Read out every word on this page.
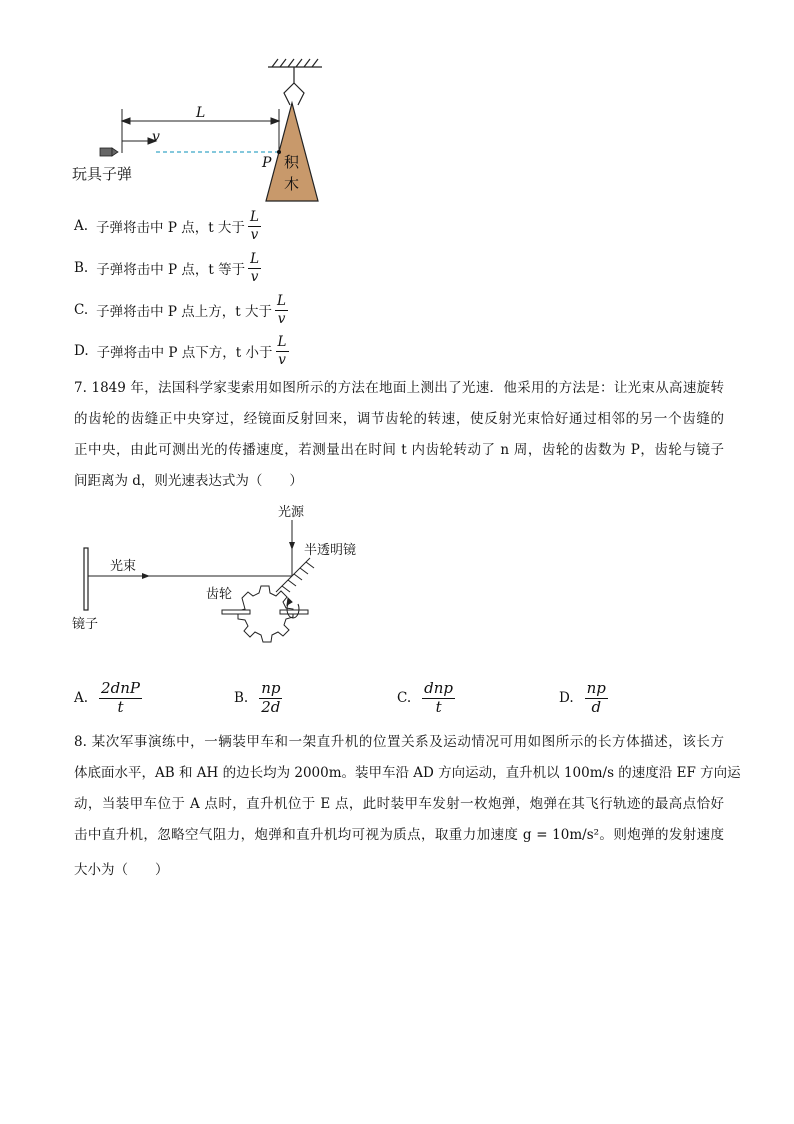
积
木
L
v
P
玩具子弹
A. 子弹将击中 P 点，t 大于 $\frac{L}{v}$
B. 子弹将击中 P 点，t 等于 $\frac{L}{v}$
C. 子弹将击中 P 点上方，t 大于 $\frac{L}{v}$
D. 子弹将击中 P 点下方，t 小于 $\frac{L}{v}$
7. 1849 年，法国科学家斐索用如图所示的方法在地面上测出了光速．他采用的方法是：让光束从高速旋转
的齿轮的齿缝正中央穿过，经镜面反射回来，调节齿轮的转速，使反射光束恰好通过相邻的另一个齿缝的
正中央，由此可测出光的传播速度，若测量出在时间 t 内齿轮转动了 n 周，齿轮的齿数为 P，齿轮与镜子
间距离为 d，则光速表达式为（　　）
镜子
光束
光源
半透明镜
齿轮
A. $\frac{\text{2dnP}}{t}$	B. $\frac{np}{2d}$	C. $\frac{\text{dnp}}{t}$	D. $\frac{np}{d}$
8. 某次军事演练中，一辆装甲车和一架直升机的位置关系及运动情况可用如图所示的长方体描述，该长方
体底面水平，AB 和 AH 的边长均为 2000m。装甲车沿 AD 方向运动，直升机以 100m/s 的速度沿 EF 方向运
动，当装甲车位于 A 点时，直升机位于 E 点，此时装甲车发射一枚炮弹，炮弹在其飞行轨迹的最高点恰好
击中直升机，忽略空气阻力，炮弹和直升机均可视为质点，取重力加速度 g = 10m/s²。则炮弹的发射速度
大小为（　　）
